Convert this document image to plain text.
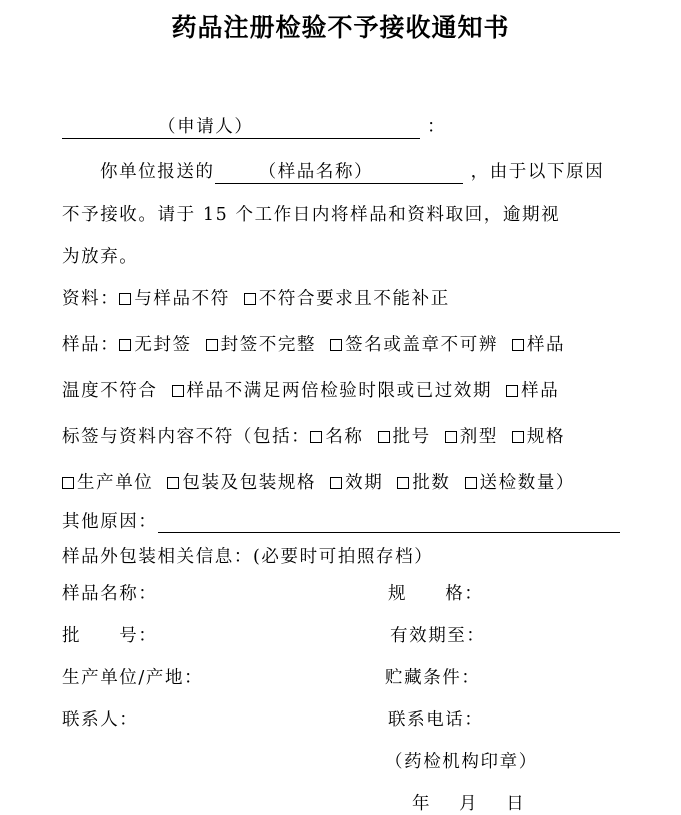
药品注册检验不予接收通知书
（申请人）	：
你单位报送的	（样品名称）	，由于以下原因
不予接收。请于 15 个工作日内将样品和资料取回，逾期视
为放弃。
资料： 与样品不符 不符合要求且不能补正
样品： 无封签 封签不完整 签名或盖章不可辨 样品
温度不符合 样品不满足两倍检验时限或已过效期 样品
标签与资料内容不符（包括： 名称 批号 剂型 规格
生产单位 包装及包装规格 效期 批数 送检数量）
其他原因：
样品外包装相关信息：(必要时可拍照存档）
样品名称：	规　　格：
批　　号：	有效期至：
生产单位/产地：	贮藏条件：
联系人：	联系电话：
（药检机构印章）
年 月 日
